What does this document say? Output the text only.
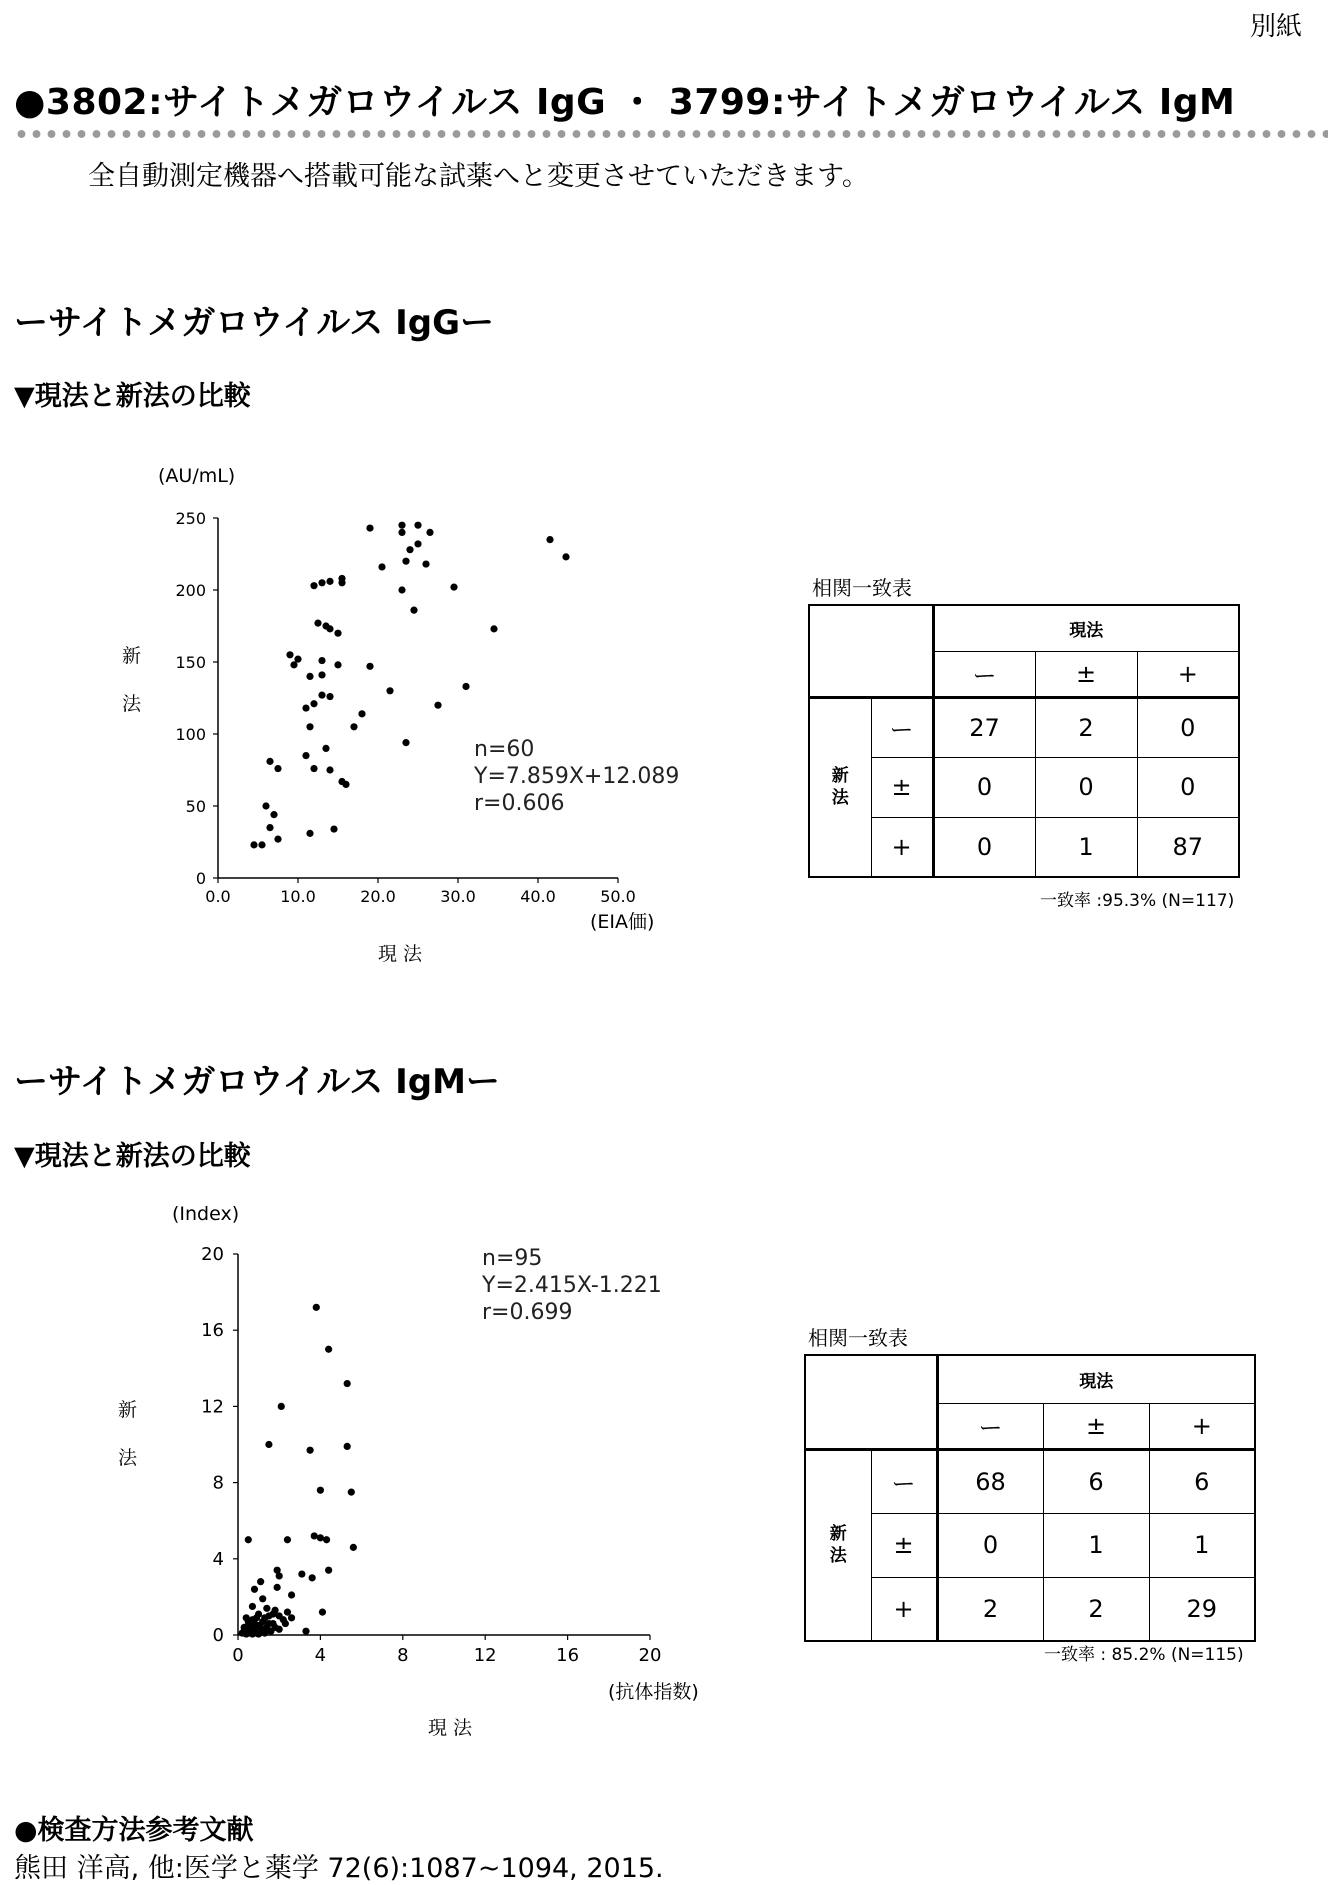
別紙
●3802:サイトメガロウイルス IgG ・ 3799:サイトメガロウイルス IgM
全自動測定機器へ搭載可能な試薬へと変更させていただきます。
ーサイトメガロウイルス IgGー
▼現法と新法の比較
(AU/mL)
新
法
0.0	10.0	20.0	30.0	40.0	50.0
0
50
100
150
200
250
n=60
Y=7.859X+12.089
r=0.606
(EIA価)
現 法
相関一致表
		現法		
		ー	±	+

新
法	ー	27	2	0
	±	0	0	0
	+	0	1	87
一致率 :95.3% (N=117)
ーサイトメガロウイルス IgMー
▼現法と新法の比較
(Index)
新
法
0	4	8	12	16	20
0
4
8
12
16
20	n=95
Y=2.415X-1.221
r=0.699
(抗体指数)
現 法
相関一致表
		現法		
		ー	±	+

新
法	ー	68	6	6
	±	0	1	1
	+	2	2	29
一致率 : 85.2% (N=115)
●検査方法参考文献
熊田 洋高, 他:医学と薬学 72(6):1087~1094, 2015.
